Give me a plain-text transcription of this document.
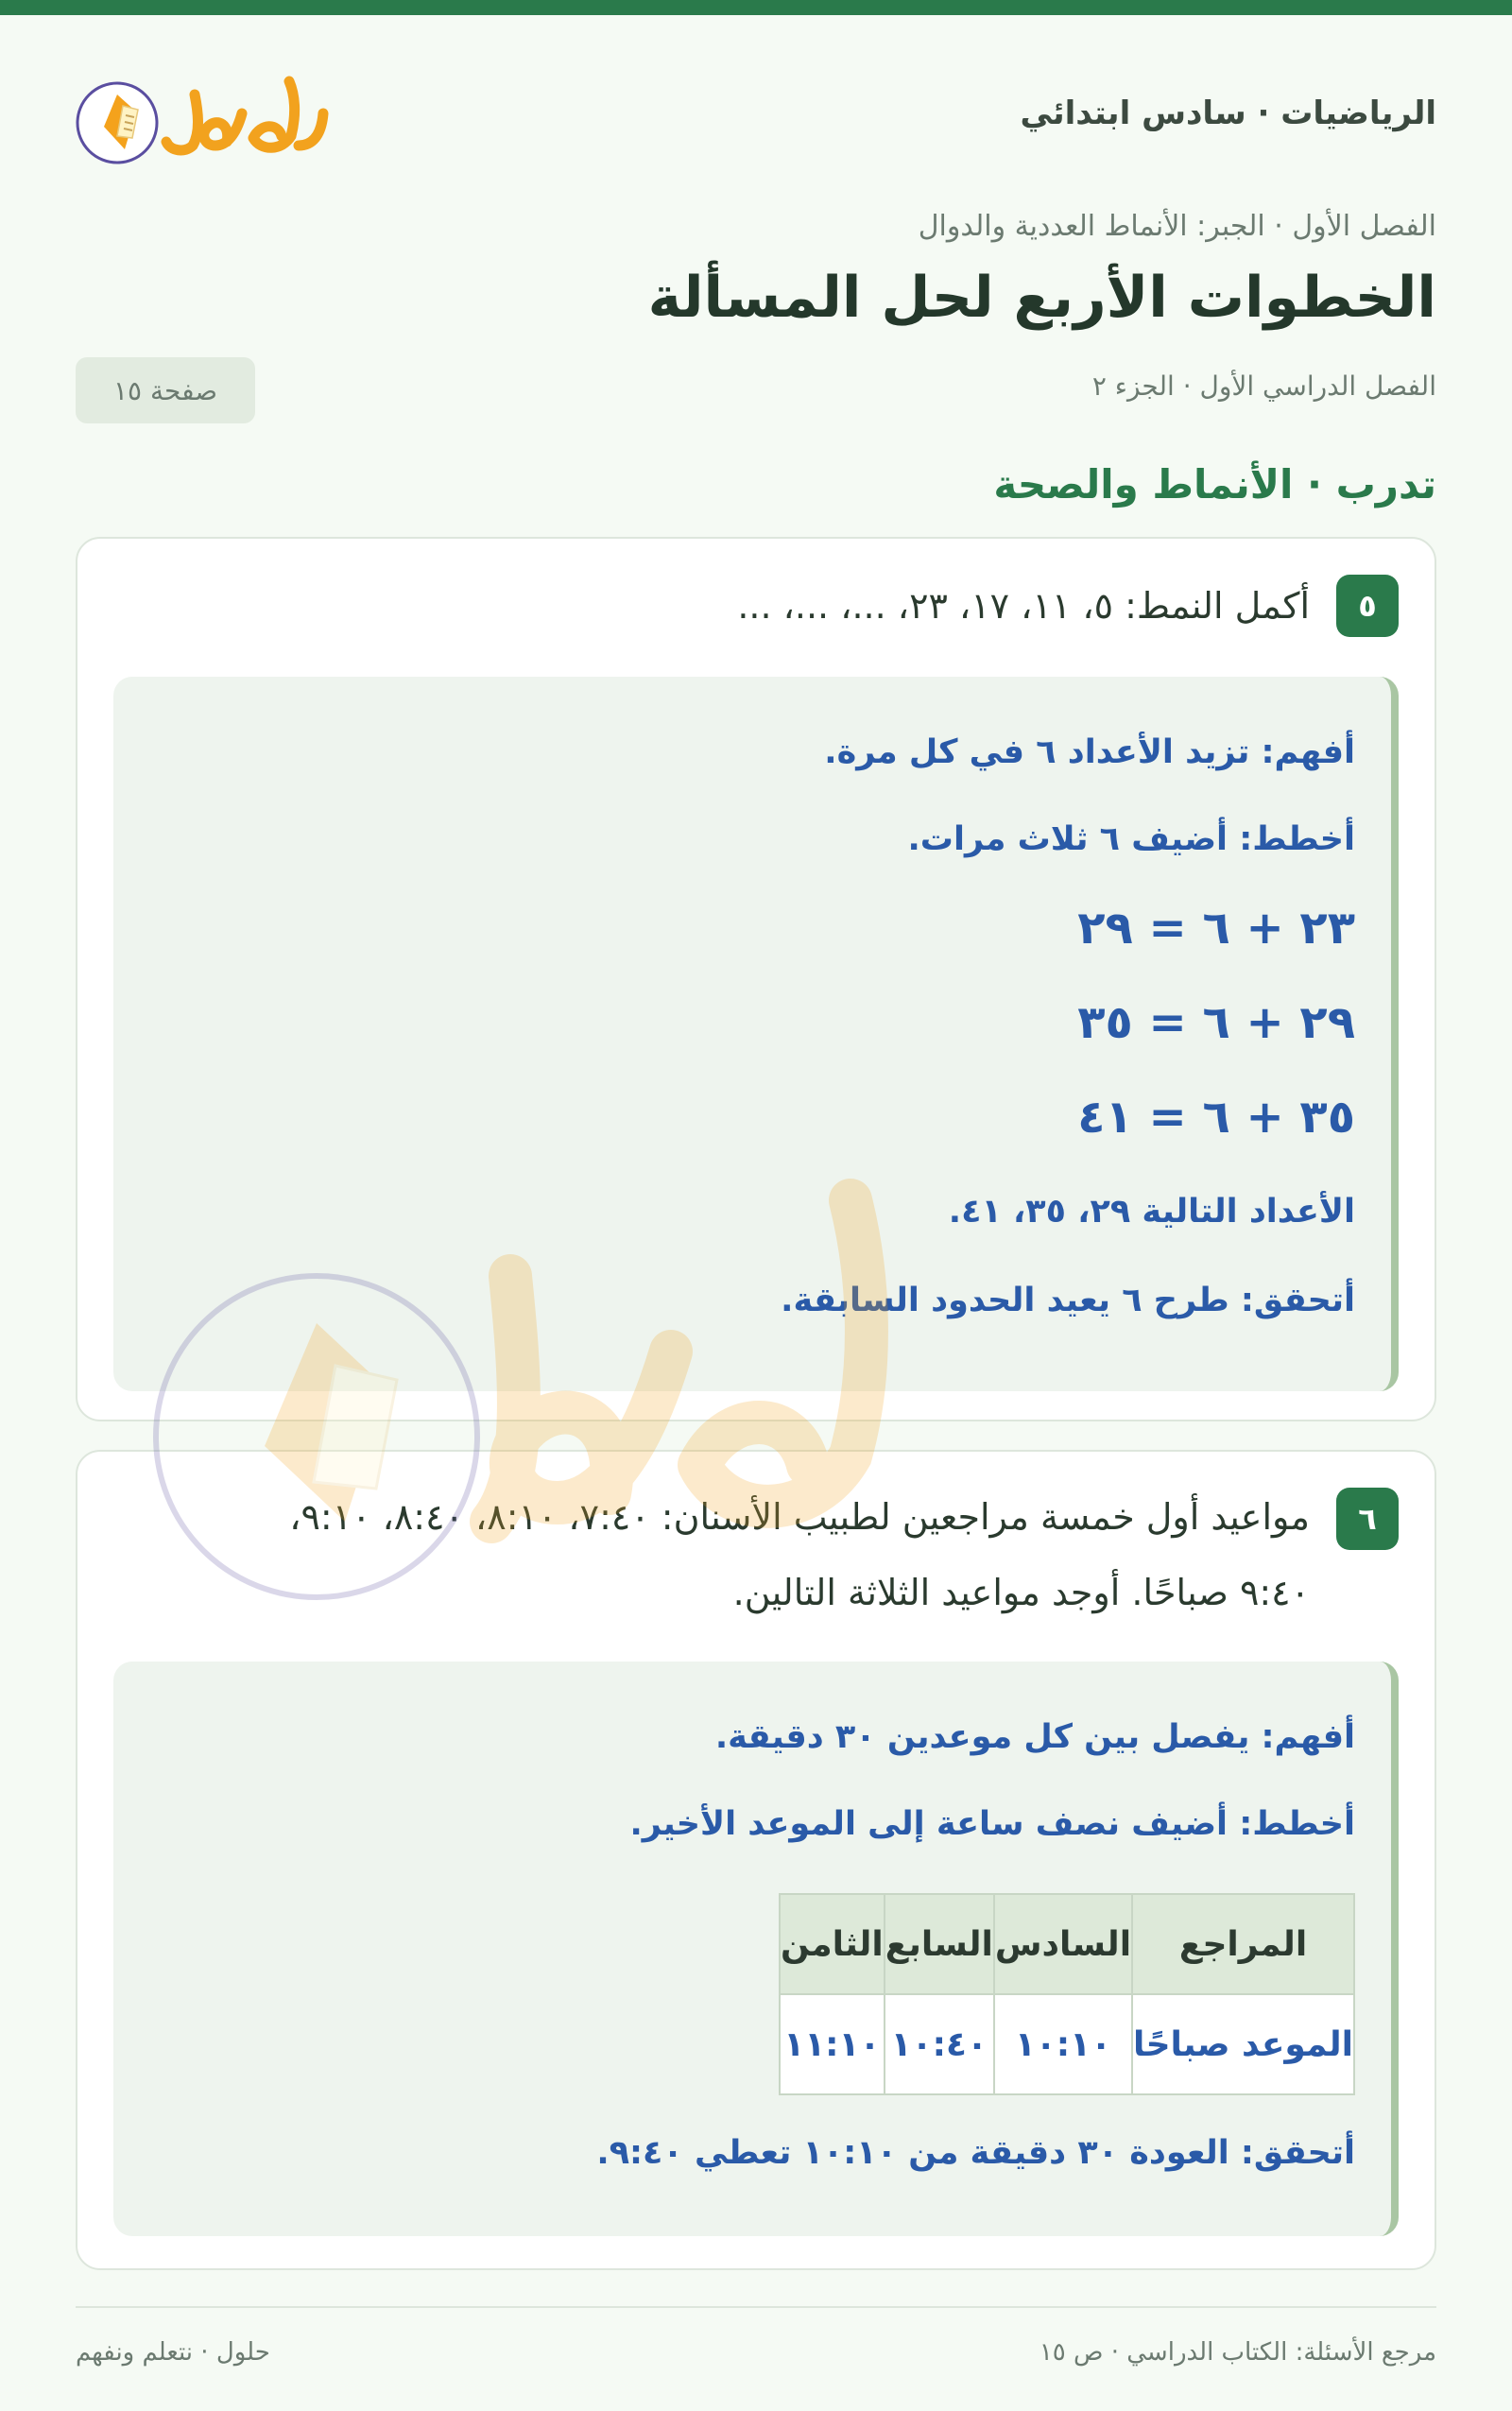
الرياضيات · سادس ابتدائي
الفصل الأول · الجبر: الأنماط العددية والدوال
الخطوات الأربع لحل المسألة
الفصل الدراسي الأول · الجزء ٢
صفحة ١٥
تدرب · الأنماط والصحة
٥
أكمل النمط: ٥، ١١، ١٧، ٢٣، ...، ...، ...
أفهم: تزيد الأعداد ٦ في كل مرة.
أخطط: أضيف ٦ ثلاث مرات.
٢٣ + ٦ = ٢٩
٢٩ + ٦ = ٣٥
٣٥ + ٦ = ٤١
الأعداد التالية ٢٩، ٣٥، ٤١.
أتحقق: طرح ٦ يعيد الحدود السابقة.
٦
مواعيد أول خمسة مراجعين لطبيب الأسنان: ٧:٤٠، ٨:١٠، ٨:٤٠، ٩:١٠،
٩:٤٠ صباحًا. أوجد مواعيد الثلاثة التالين.
أفهم: يفصل بين كل موعدين ٣٠ دقيقة.
أخطط: أضيف نصف ساعة إلى الموعد الأخير.
المراجع	السادس	السابع	الثامن
الموعد صباحًا	١٠:١٠	١٠:٤٠	١١:١٠
أتحقق: العودة ٣٠ دقيقة من ١٠:١٠ تعطي ٩:٤٠.
مرجع الأسئلة: الكتاب الدراسي · ص ١٥
حلول · نتعلم ونفهم
